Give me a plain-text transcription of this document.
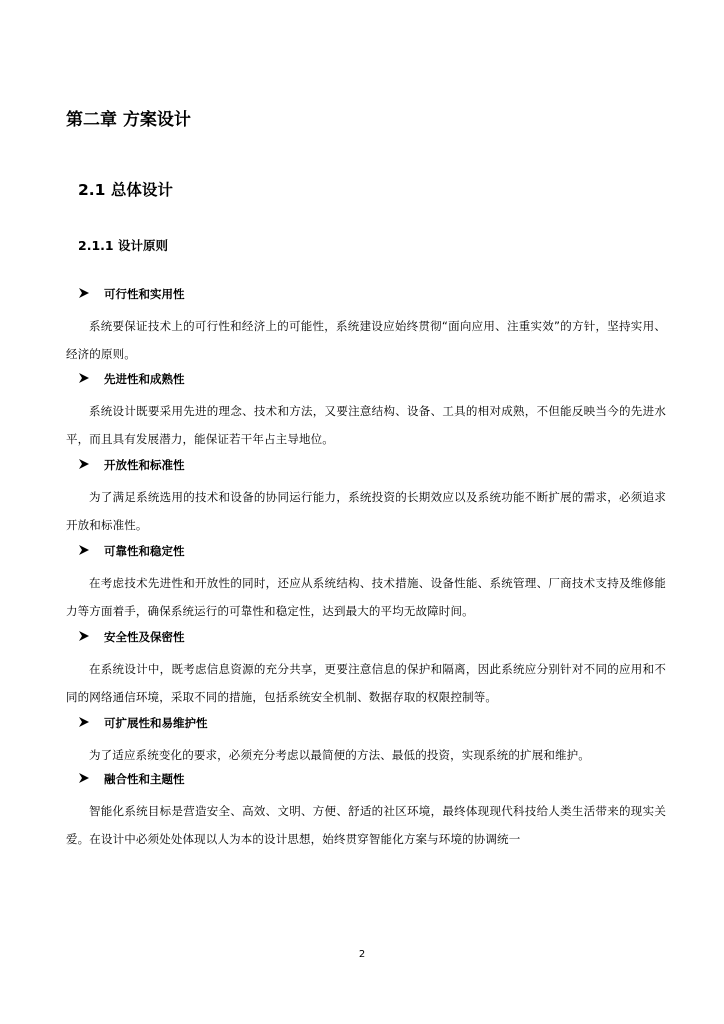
第二章 方案设计
2.1 总体设计
2.1.1 设计原则
可行性和实用性
系统要保证技术上的可行性和经济上的可能性，系统建设应始终贯彻“面向应用、注重实效”的方针，坚持实用、经济的原则。
先进性和成熟性
系统设计既要采用先进的理念、技术和方法，又要注意结构、设备、工具的相对成熟，不但能反映当今的先进水平，而且具有发展潜力，能保证若干年占主导地位。
开放性和标准性
为了满足系统选用的技术和设备的协同运行能力，系统投资的长期效应以及系统功能不断扩展的需求，必须追求开放和标准性。
可靠性和稳定性
在考虑技术先进性和开放性的同时，还应从系统结构、技术措施、设备性能、系统管理、厂商技术支持及维修能力等方面着手，确保系统运行的可靠性和稳定性，达到最大的平均无故障时间。
安全性及保密性
在系统设计中，既考虑信息资源的充分共享，更要注意信息的保护和隔离，因此系统应分别针对不同的应用和不同的网络通信环境，采取不同的措施，包括系统安全机制、数据存取的权限控制等。
可扩展性和易维护性
为了适应系统变化的要求，必须充分考虑以最简便的方法、最低的投资，实现系统的扩展和维护。
融合性和主题性
智能化系统目标是营造安全、高效、文明、方便、舒适的社区环境，最终体现现代科技给人类生活带来的现实关爱。在设计中必须处处体现以人为本的设计思想，始终贯穿智能化方案与环境的协调统一
2
